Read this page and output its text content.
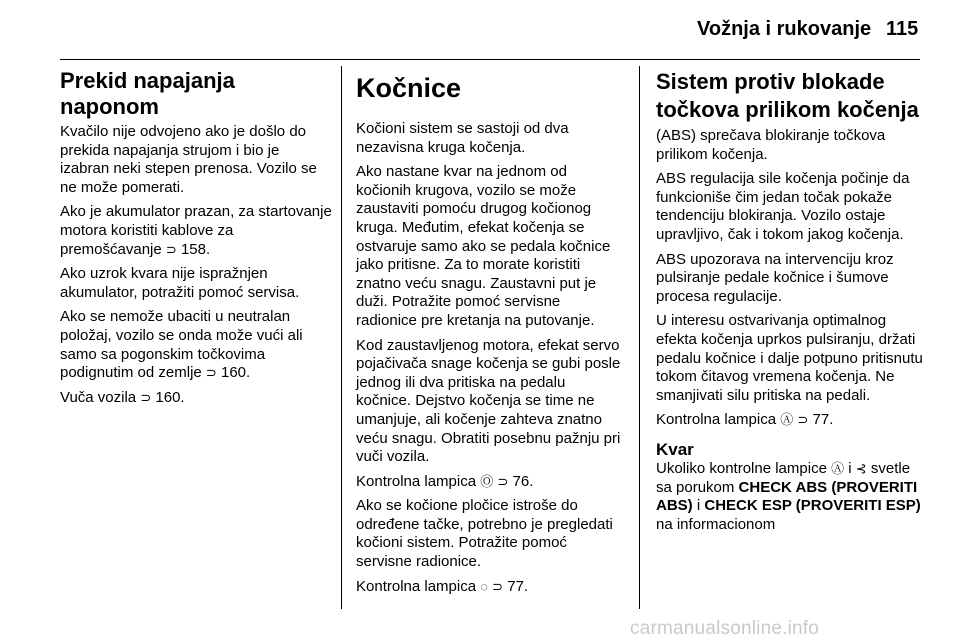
Vožnja i rukovanje 115
Prekid napajanja naponom

Kvačilo nije odvojeno ako je došlo do prekida napajanja strujom i bio je izabran neki stepen prenosa. Vozilo se ne može pomerati.

Ako je akumulator prazan, za startovanje motora koristiti kablove za premošćavanje ⊃ 158.

Ako uzrok kvara nije ispražnjen akumulator, potražiti pomoć servisa.

Ako se nemože ubaciti u neutralan položaj, vozilo se onda može vući ali samo sa pogonskim točkovima podignutim od zemlje ⊃ 160.

Vuča vozila ⊃ 160.

Kočnice

Kočioni sistem se sastoji od dva nezavisna kruga kočenja.

Ako nastane kvar na jednom od kočionih krugova, vozilo se može zaustaviti pomoću drugog kočionog kruga. Međutim, efekat kočenja se ostvaruje samo ako se pedala kočnice jako pritisne. Za to morate koristiti znatno veću snagu. Zaustavni put je duži. Potražite pomoć servisne radionice pre kretanja na putovanje.

Kod zaustavljenog motora, efekat servo pojačivača snage kočenja se gubi posle jednog ili dva pritiska na pedalu kočnice. Dejstvo kočenja se time ne umanjuje, ali kočenje zahteva znatno veću snagu. Obratiti posebnu pažnju pri vuči vozila.

Kontrolna lampica Ⓞ ⊃ 76.

Ako se kočione pločice istroše do određene tačke, potrebno je pregledati kočioni sistem. Potražite pomoć servisne radionice.

Kontrolna lampica ◌ ⊃ 77.

Sistem protiv blokade točkova prilikom kočenja

(ABS) sprečava blokiranje točkova prilikom kočenja.

ABS regulacija sile kočenja počinje da funkcioniše čim jedan točak pokaže tendenciju blokiranja. Vozilo ostaje upravljivo, čak i tokom jakog kočenja.

ABS upozorava na intervenciju kroz pulsiranje pedale kočnice i šumove procesa regulacije.

U interesu ostvarivanja optimalnog efekta kočenja uprkos pulsiranju, držati pedalu kočnice i dalje potpuno pritisnutu tokom čitavog vremena kočenja. Ne smanjivati silu pritiska na pedali.

Kontrolna lampica Ⓐ ⊃ 77.

Kvar

Ukoliko kontrolne lampice Ⓐ i ⊰ svetle sa porukom CHECK ABS (PROVERITI ABS) i CHECK ESP (PROVERITI ESP) na informacionom

carmanualsonline.info
